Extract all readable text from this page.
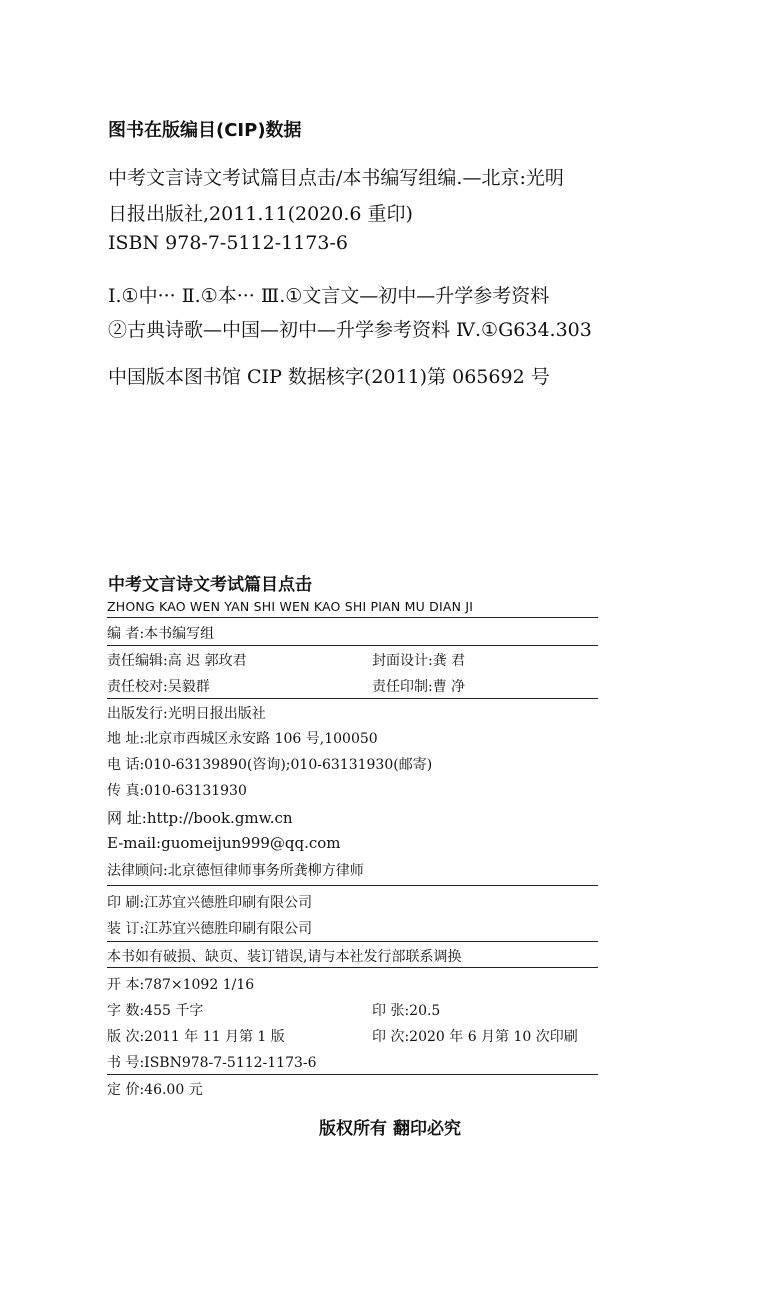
图书在版编目(CIP)数据
中考文言诗文考试篇目点击/本书编写组编.—北京:光明
日报出版社,2011.11(2020.6 重印)
ISBN 978-7-5112-1173-6
Ⅰ.①中··· Ⅱ.①本··· Ⅲ.①文言文—初中—升学参考资料
②古典诗歌—中国—初中—升学参考资料 Ⅳ.①G634.303
中国版本图书馆 CIP 数据核字(2011)第 065692 号
中考文言诗文考试篇目点击
ZHONG KAO WEN YAN SHI WEN KAO SHI PIAN MU DIAN JI
编 者:本书编写组
责任编辑:高 迟 郭玫君	封面设计:龚 君
责任校对:吴毅群	责任印制:曹 净
出版发行:光明日报出版社
地 址:北京市西城区永安路 106 号,100050
电 话:010-63139890(咨询);010-63131930(邮寄)
传 真:010-63131930
网 址:http://book.gmw.cn
E-mail:guomeijun999@qq.com
法律顾问:北京德恒律师事务所龚柳方律师
印 刷:江苏宜兴德胜印刷有限公司
装 订:江苏宜兴德胜印刷有限公司
本书如有破损、缺页、装订错误,请与本社发行部联系调换
开 本:787×1092 1/16
字 数:455 千字	印 张:20.5
版 次:2011 年 11 月第 1 版	印 次:2020 年 6 月第 10 次印刷
书 号:ISBN978-7-5112-1173-6
定 价:46.00 元
版权所有 翻印必究
